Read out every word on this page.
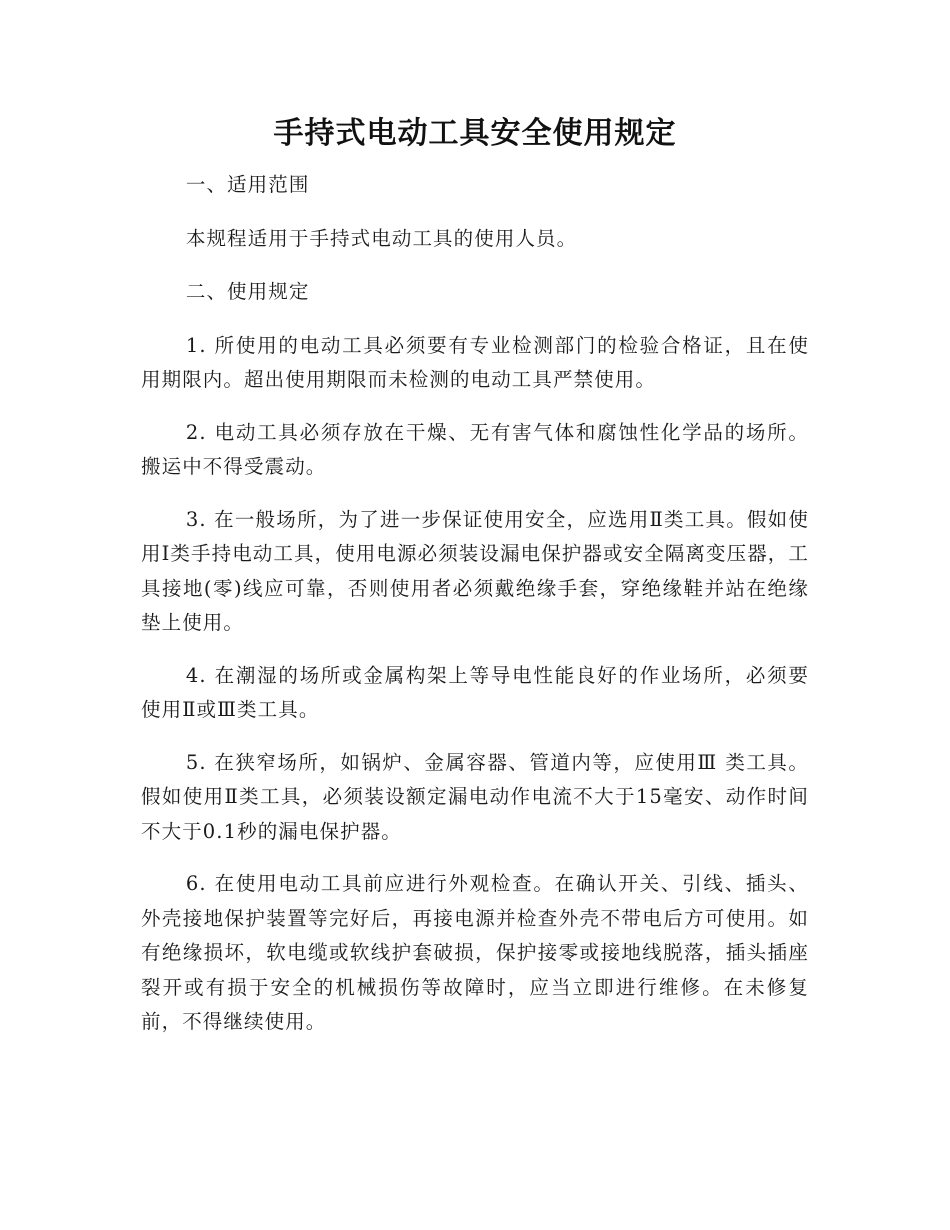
手持式电动工具安全使用规定

一、适用范围

本规程适用于手持式电动工具的使用人员。

二、使用规定

1. 所使用的电动工具必须要有专业检测部门的检验合格证，且在使用期限内。超出使用期限而未检测的电动工具严禁使用。

2. 电动工具必须存放在干燥、无有害气体和腐蚀性化学品的场所。搬运中不得受震动。

3. 在一般场所，为了进一步保证使用安全，应选用Ⅱ类工具。假如使用Ⅰ类手持电动工具，使用电源必须装设漏电保护器或安全隔离变压器，工具接地(零)线应可靠，否则使用者必须戴绝缘手套，穿绝缘鞋并站在绝缘垫上使用。

4. 在潮湿的场所或金属构架上等导电性能良好的作业场所，必须要使用Ⅱ或Ⅲ类工具。

5. 在狭窄场所，如锅炉、金属容器、管道内等，应使用Ⅲ 类工具。假如使用Ⅱ类工具，必须装设额定漏电动作电流不大于15毫安、动作时间不大于0.1秒的漏电保护器。

6. 在使用电动工具前应进行外观检查。在确认开关、引线、插头、外壳接地保护装置等完好后，再接电源并检查外壳不带电后方可使用。如有绝缘损坏，软电缆或软线护套破损，保护接零或接地线脱落，插头插座裂开或有损于安全的机械损伤等故障时，应当立即进行维修。在未修复前，不得继续使用。
